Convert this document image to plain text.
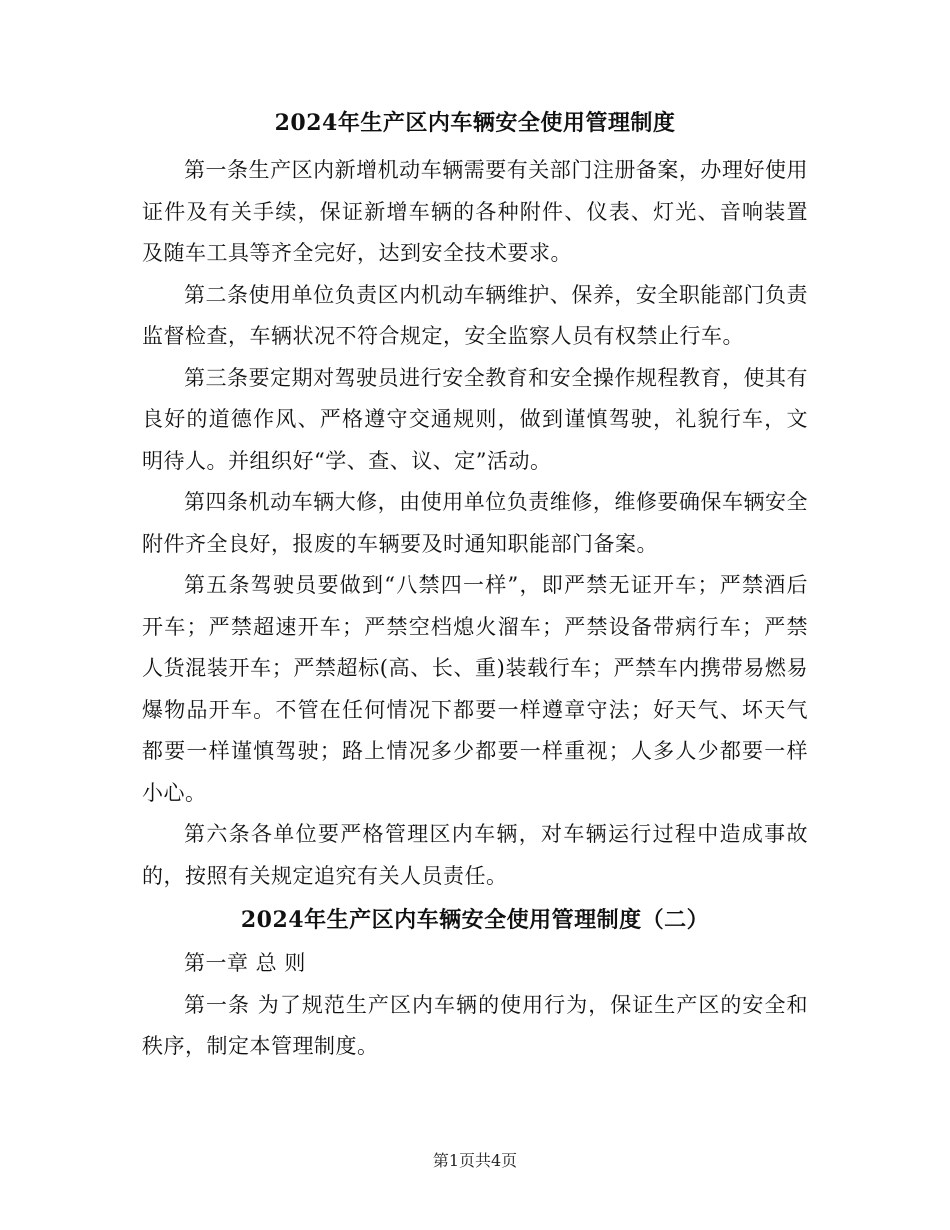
2024年生产区内车辆安全使用管理制度

第一条生产区内新增机动车辆需要有关部门注册备案，办理好使用证件及有关手续，保证新增车辆的各种附件、仪表、灯光、音响装置及随车工具等齐全完好，达到安全技术要求。

第二条使用单位负责区内机动车辆维护、保养，安全职能部门负责监督检查，车辆状况不符合规定，安全监察人员有权禁止行车。

第三条要定期对驾驶员进行安全教育和安全操作规程教育，使其有良好的道德作风、严格遵守交通规则，做到谨慎驾驶，礼貌行车，文明待人。并组织好“学、查、议、定”活动。

第四条机动车辆大修，由使用单位负责维修，维修要确保车辆安全附件齐全良好，报废的车辆要及时通知职能部门备案。

第五条驾驶员要做到“八禁四一样”，即严禁无证开车；严禁酒后开车；严禁超速开车；严禁空档熄火溜车；严禁设备带病行车；严禁人货混装开车；严禁超标(高、长、重)装载行车；严禁车内携带易燃易爆物品开车。不管在任何情况下都要一样遵章守法；好天气、坏天气都要一样谨慎驾驶；路上情况多少都要一样重视；人多人少都要一样小心。

第六条各单位要严格管理区内车辆，对车辆运行过程中造成事故的，按照有关规定追究有关人员责任。

2024年生产区内车辆安全使用管理制度（二）

第一章 总 则

第一条 为了规范生产区内车辆的使用行为，保证生产区的安全和秩序，制定本管理制度。

第1页共4页
